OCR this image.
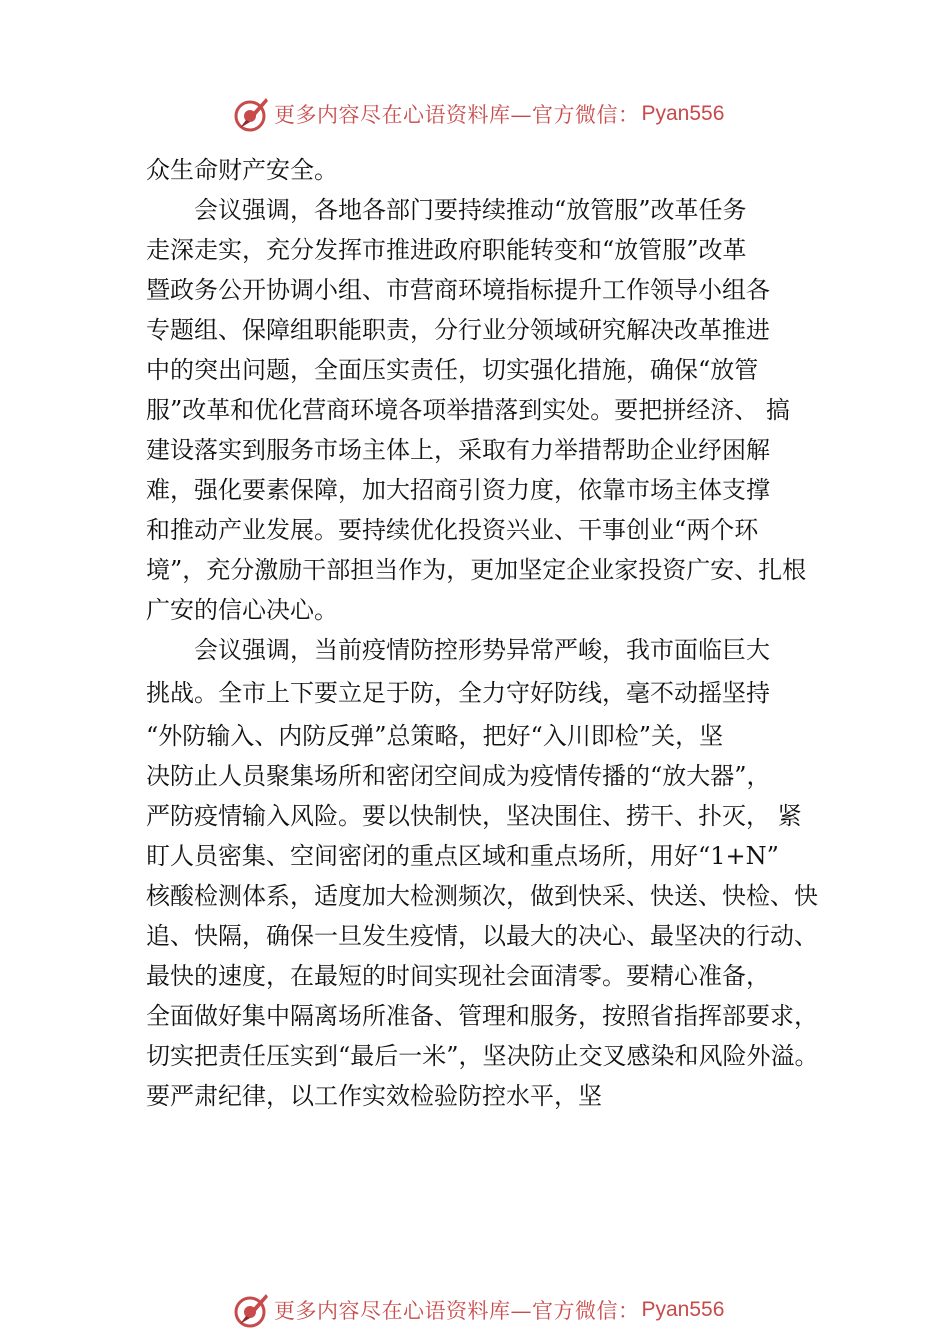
更多内容尽在心语资料库—官方微信： Pyan556
众生命财产安全。
　　会议强调，各地各部门要持续推动“放管服”改革任务
走深走实，充分发挥市推进政府职能转变和“放管服”改革
暨政务公开协调小组、市营商环境指标提升工作领导小组各
专题组、保障组职能职责，分行业分领域研究解决改革推进
中的突出问题，全面压实责任，切实强化措施，确保“放管
服”改革和优化营商环境各项举措落到实处。要把拼经济、 搞
建设落实到服务市场主体上，采取有力举措帮助企业纾困解
难，强化要素保障，加大招商引资力度，依靠市场主体支撑
和推动产业发展。要持续优化投资兴业、干事创业“两个环
境”，充分激励干部担当作为，更加坚定企业家投资广安、扎根
广安的信心决心。
　　会议强调，当前疫情防控形势异常严峻，我市面临巨大
挑战。全市上下要立足于防，全力守好防线，毫不动摇坚持
“外防输入、内防反弹”总策略，把好“入川即检”关，坚
决防止人员聚集场所和密闭空间成为疫情传播的“放大器”，
严防疫情输入风险。要以快制快，坚决围住、捞干、扑灭， 紧
盯人员密集、空间密闭的重点区域和重点场所，用好“1+N”
核酸检测体系，适度加大检测频次，做到快采、快送、快检、快
追、快隔，确保一旦发生疫情，以最大的决心、最坚决的行动、
最快的速度，在最短的时间实现社会面清零。要精心准备，
全面做好集中隔离场所准备、管理和服务，按照省指挥部要求，
切实把责任压实到“最后一米”，坚决防止交叉感染和风险外溢。
要严肃纪律，以工作实效检验防控水平，坚
更多内容尽在心语资料库—官方微信： Pyan556
